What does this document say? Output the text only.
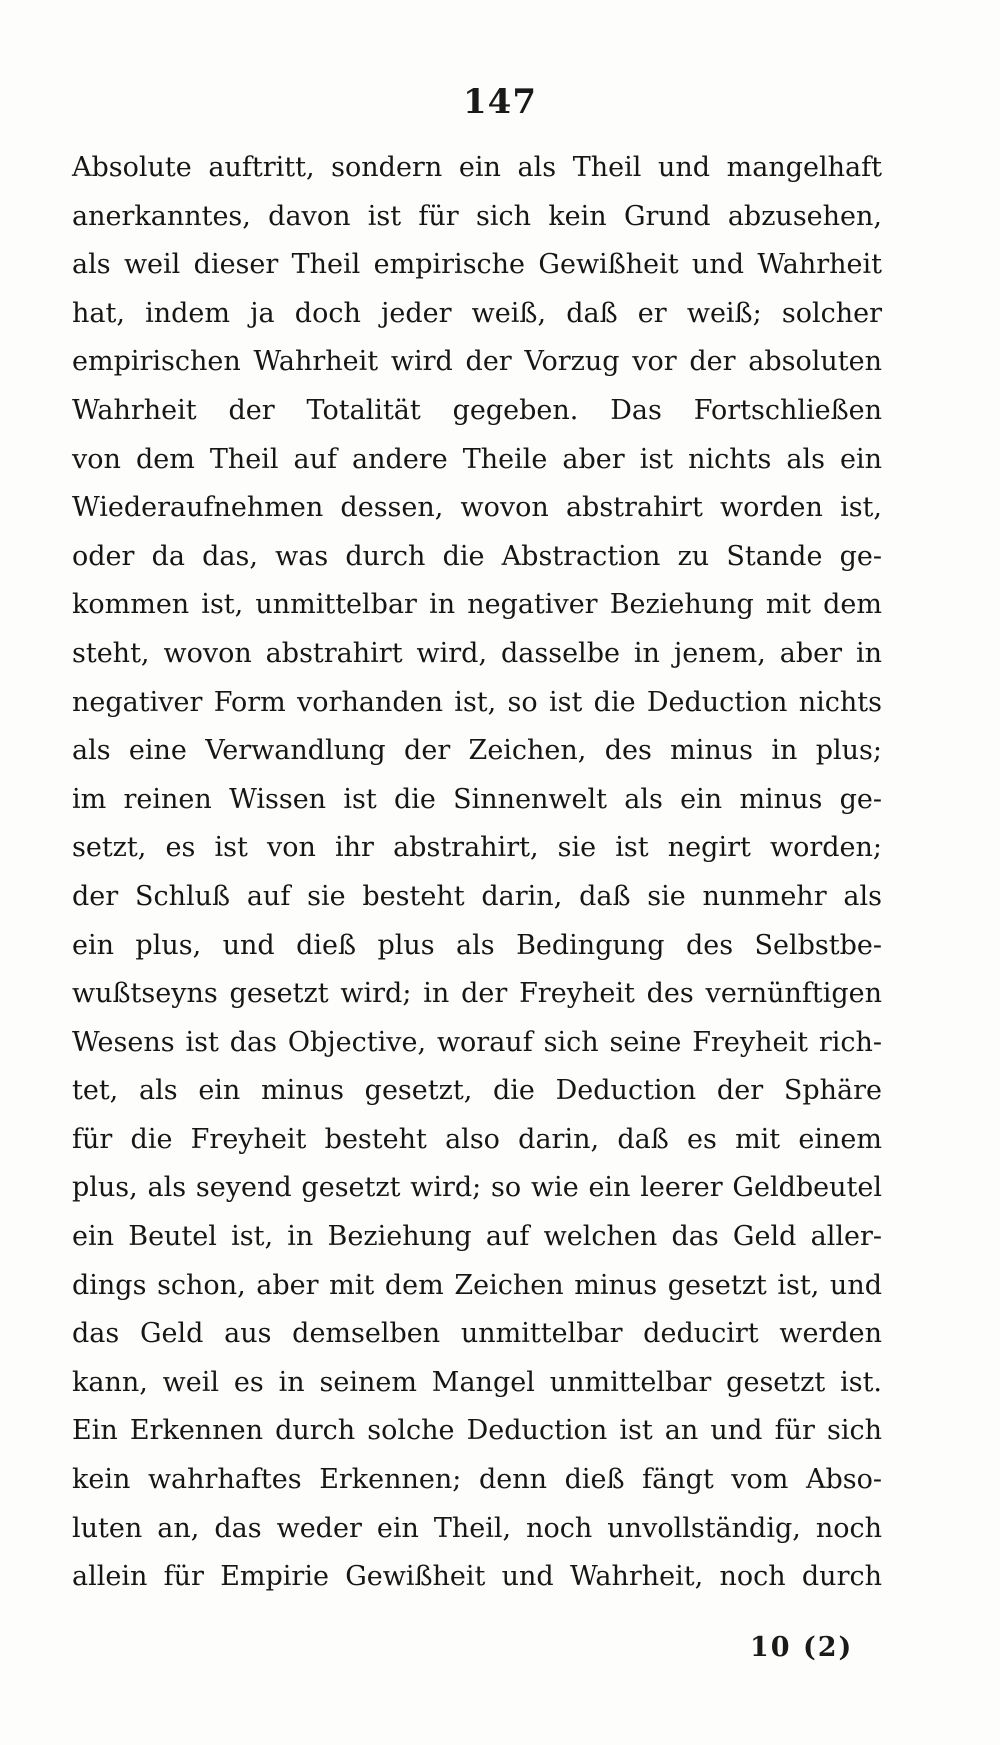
147
Absolute auftritt, sondern ein als Theil und mangelhaft
anerkanntes, davon ist für sich kein Grund abzusehen,
als weil dieser Theil empirische Gewißheit und Wahrheit
hat, indem ja doch jeder weiß, daß er weiß; solcher
empirischen Wahrheit wird der Vorzug vor der absoluten
Wahrheit der Totalität gegeben. Das Fortschließen
von dem Theil auf andere Theile aber ist nichts als ein
Wiederaufnehmen dessen, wovon abstrahirt worden ist,
oder da das, was durch die Abstraction zu Stande ge-
kommen ist, unmittelbar in negativer Beziehung mit dem
steht, wovon abstrahirt wird, dasselbe in jenem, aber in
negativer Form vorhanden ist, so ist die Deduction nichts
als eine Verwandlung der Zeichen, des minus in plus;
im reinen Wissen ist die Sinnenwelt als ein minus ge-
setzt, es ist von ihr abstrahirt, sie ist negirt worden;
der Schluß auf sie besteht darin, daß sie nunmehr als
ein plus, und dieß plus als Bedingung des Selbstbe-
wußtseyns gesetzt wird; in der Freyheit des vernünftigen
Wesens ist das Objective, worauf sich seine Freyheit rich-
tet, als ein minus gesetzt, die Deduction der Sphäre
für die Freyheit besteht also darin, daß es mit einem
plus, als seyend gesetzt wird; so wie ein leerer Geldbeutel
ein Beutel ist, in Beziehung auf welchen das Geld aller-
dings schon, aber mit dem Zeichen minus gesetzt ist, und
das Geld aus demselben unmittelbar deducirt werden
kann, weil es in seinem Mangel unmittelbar gesetzt ist.
Ein Erkennen durch solche Deduction ist an und für sich
kein wahrhaftes Erkennen; denn dieß fängt vom Abso-
luten an, das weder ein Theil, noch unvollständig, noch
allein für Empirie Gewißheit und Wahrheit, noch durch
10 (2)
